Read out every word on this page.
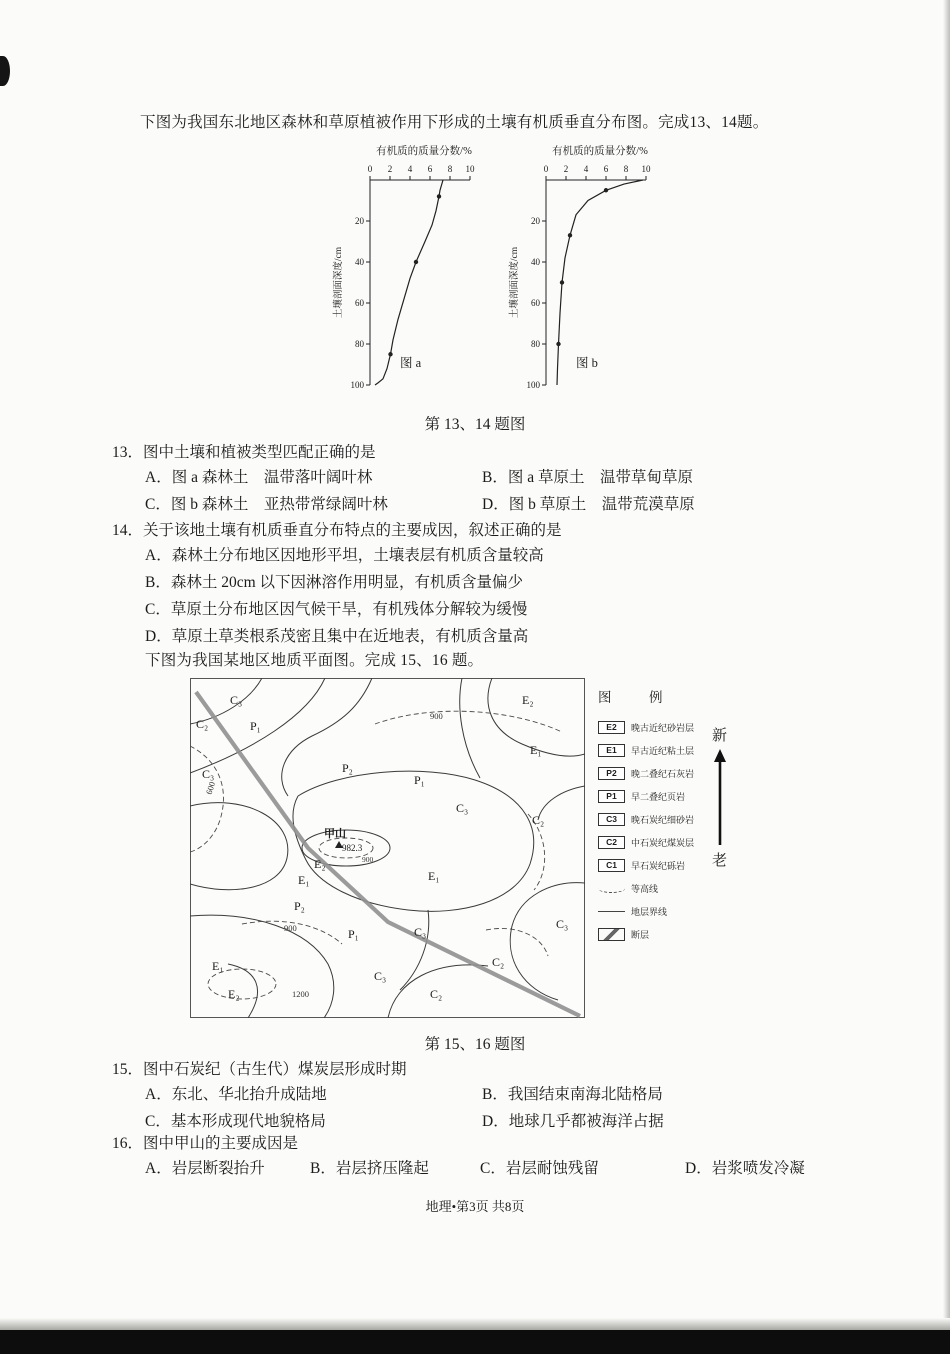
下图为我国东北地区森林和草原植被作用下形成的土壤有机质垂直分布图。完成13、14题。

有机质的质量分数/%
0 2 4 6 8 10
20
40
60
80
100
土壤剖面深度/cm
图 a
有机质的质量分数/%
0 2 4 6 8 10
20
40
60
80
100
土壤剖面深度/cm
图 b
第 13、14 题图

13．图中土壤和植被类型匹配正确的是

A．图 a 森林土　温带落叶阔叶林	B．图 a 草原土　温带草甸草原
C．图 b 森林土　亚热带常绿阔叶林	D．图 b 草原土　温带荒漠草原

14．关于该地土壤有机质垂直分布特点的主要成因，叙述正确的是

A．森林土分布地区因地形平坦，土壤表层有机质含量较高
B．森林土 20cm 以下因淋溶作用明显，有机质含量偏少
C．草原土分布地区因气候干旱，有机残体分解较为缓慢
D．草原土草类根系茂密且集中在近地表，有机质含量高

下图为我国某地区地质平面图。完成 15、16 题。

C₃
C₂	P₁
C₃	P₂
P₁
C₃
E₂
E₁
C₂
甲山
982.3
E₂
E₁	E₁
P₂
P₁	C₃
C₃
C₂
E₁
E₂
C₂
C₃
900
600
900
900
1200
图　例
E2	晚古近纪砂岩层
E1	早古近纪粘土层
P2	晚二叠纪石灰岩
P1	早二叠纪页岩
C3	晚石炭纪细砂岩
C2	中石炭纪煤炭层
C1	早石炭纪砾岩
等高线
地层界线
断层
新
老
第 15、16 题图

15．图中石炭纪（古生代）煤炭层形成时期

A．东北、华北抬升成陆地	B．我国结束南海北陆格局
C．基本形成现代地貌格局	D．地球几乎都被海洋占据

16．图中甲山的主要成因是

A．岩层断裂抬升	B．岩层挤压隆起	C．岩层耐蚀残留	D．岩浆喷发冷凝
地理•第3页 共8页
